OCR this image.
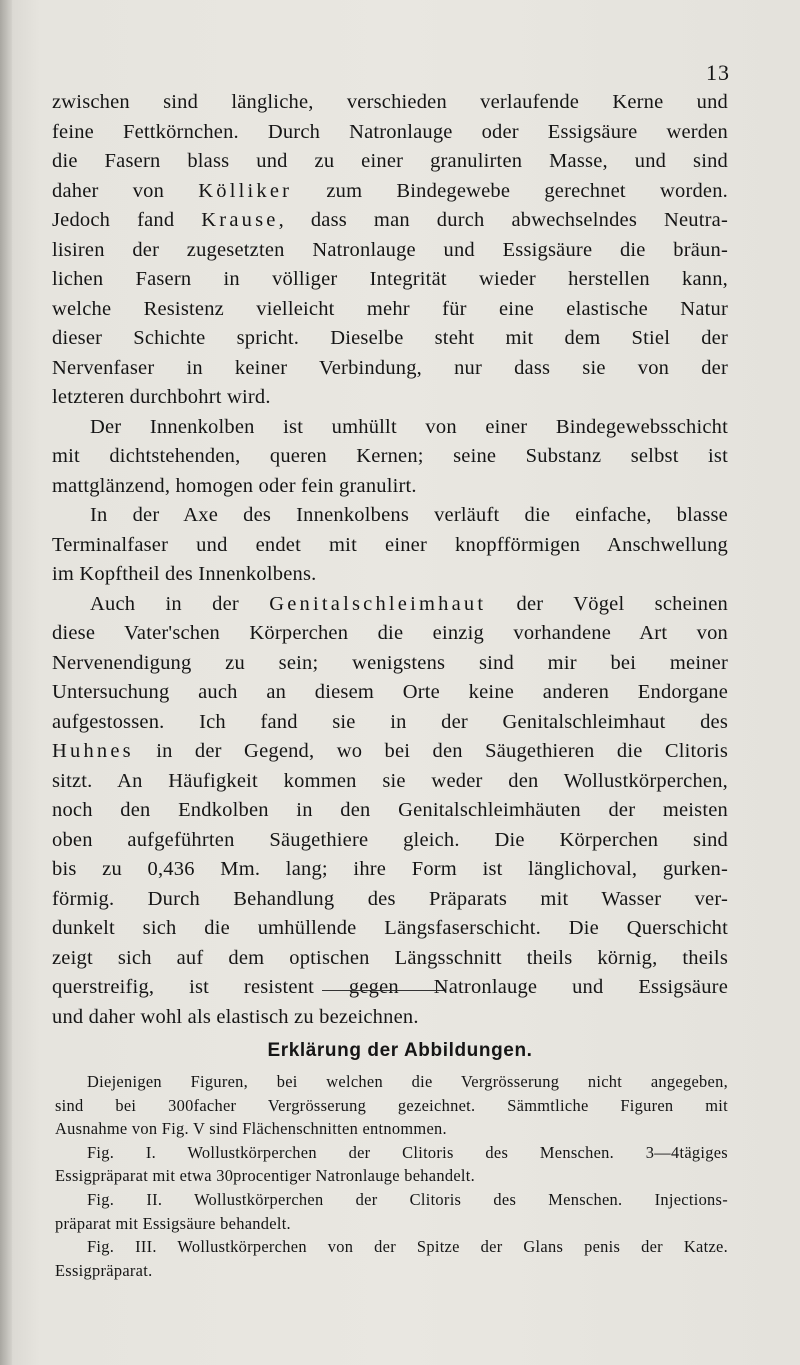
13
zwischen sind längliche, verschieden verlaufende Kerne und
feine Fettkörnchen. Durch Natronlauge oder Essigsäure werden
die Fasern blass und zu einer granulirten Masse, und sind
daher von Kölliker zum Bindegewebe gerechnet worden.
Jedoch fand Krause, dass man durch abwechselndes Neutra-
lisiren der zugesetzten Natronlauge und Essigsäure die bräun-
lichen Fasern in völliger Integrität wieder herstellen kann,
welche Resistenz vielleicht mehr für eine elastische Natur
dieser Schichte spricht. Dieselbe steht mit dem Stiel der
Nervenfaser in keiner Verbindung, nur dass sie von der
letzteren durchbohrt wird.
Der Innenkolben ist umhüllt von einer Bindegewebsschicht
mit dichtstehenden, queren Kernen; seine Substanz selbst ist
mattglänzend, homogen oder fein granulirt.
In der Axe des Innenkolbens verläuft die einfache, blasse
Terminalfaser und endet mit einer knopfförmigen Anschwellung
im Kopftheil des Innenkolbens.
Auch in der Genitalschleimhaut der Vögel scheinen
diese Vater'schen Körperchen die einzig vorhandene Art von
Nervenendigung zu sein; wenigstens sind mir bei meiner
Untersuchung auch an diesem Orte keine anderen Endorgane
aufgestossen. Ich fand sie in der Genitalschleimhaut des
Huhnes in der Gegend, wo bei den Säugethieren die Clitoris
sitzt. An Häufigkeit kommen sie weder den Wollustkörperchen,
noch den Endkolben in den Genitalschleimhäuten der meisten
oben aufgeführten Säugethiere gleich. Die Körperchen sind
bis zu 0,436 Mm. lang; ihre Form ist länglichoval, gurken-
förmig. Durch Behandlung des Präparats mit Wasser ver-
dunkelt sich die umhüllende Längsfaserschicht. Die Querschicht
zeigt sich auf dem optischen Längsschnitt theils körnig, theils
querstreifig, ist resistent gegen Natronlauge und Essigsäure
und daher wohl als elastisch zu bezeichnen.
Erklärung der Abbildungen.
Diejenigen Figuren, bei welchen die Vergrösserung nicht angegeben,
sind bei 300facher Vergrösserung gezeichnet. Sämmtliche Figuren mit
Ausnahme von Fig. V sind Flächenschnitten entnommen.
Fig. I. Wollustkörperchen der Clitoris des Menschen. 3—4tägiges
Essigpräparat mit etwa 30procentiger Natronlauge behandelt.
Fig. II. Wollustkörperchen der Clitoris des Menschen. Injections-
präparat mit Essigsäure behandelt.
Fig. III. Wollustkörperchen von der Spitze der Glans penis der Katze.
Essigpräparat.
